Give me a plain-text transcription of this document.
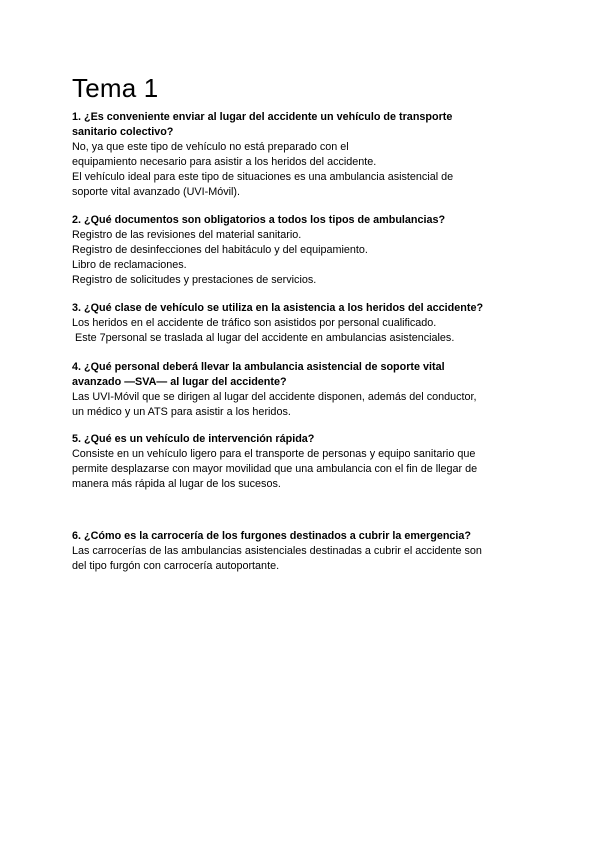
Tema 1

1. ¿Es conveniente enviar al lugar del accidente un vehículo de transporte
sanitario colectivo?

No, ya que este tipo de vehículo no está preparado con el

equipamiento necesario para asistir a los heridos del accidente.

El vehículo ideal para este tipo de situaciones es una ambulancia asistencial de

soporte vital avanzado (UVI-Móvil).

2. ¿Qué documentos son obligatorios a todos los tipos de ambulancias?

Registro de las revisiones del material sanitario.

Registro de desinfecciones del habitáculo y del equipamiento.

Libro de reclamaciones.

Registro de solicitudes y prestaciones de servicios.

3. ¿Qué clase de vehículo se utiliza en la asistencia a los heridos del accidente?

Los heridos en el accidente de tráfico son asistidos por personal cualificado.

Este 7personal se traslada al lugar del accidente en ambulancias asistenciales.

4. ¿Qué personal deberá llevar la ambulancia asistencial de soporte vital
avanzado —SVA— al lugar del accidente?

Las UVI-Móvil que se dirigen al lugar del accidente disponen, además del conductor,

un médico y un ATS para asistir a los heridos.

5. ¿Qué es un vehículo de intervención rápida?

Consiste en un vehículo ligero para el transporte de personas y equipo sanitario que

permite desplazarse con mayor movilidad que una ambulancia con el fin de llegar de

manera más rápida al lugar de los sucesos.

6. ¿Cómo es la carrocería de los furgones destinados a cubrir la emergencia?

Las carrocerías de las ambulancias asistenciales destinadas a cubrir el accidente son

del tipo furgón con carrocería autoportante.
